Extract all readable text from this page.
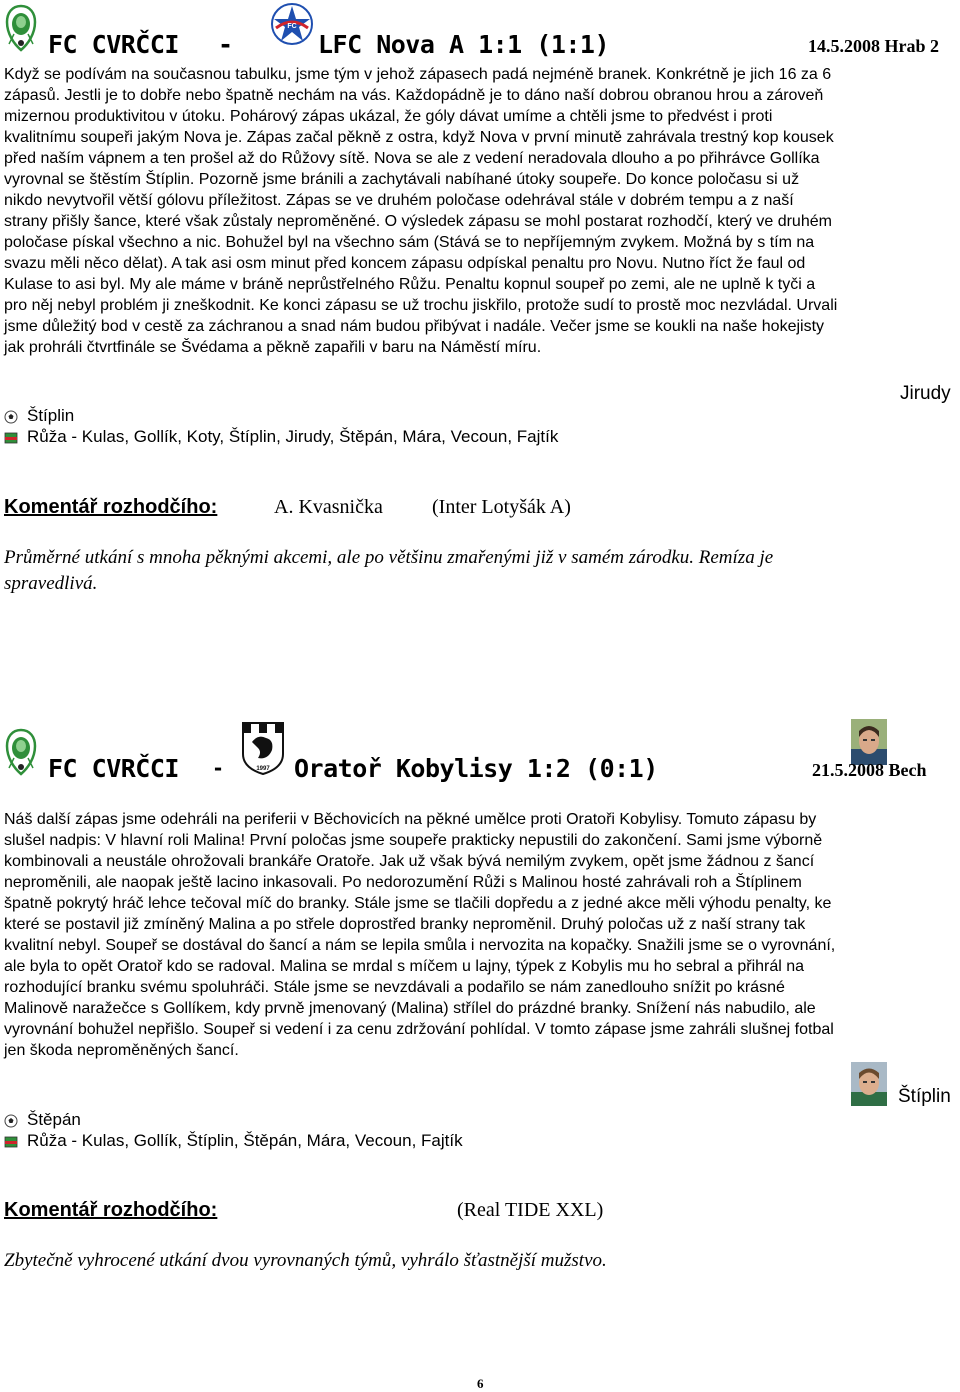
FC CVRČCI -
FC
LFC Nova A 1:1 (1:1)	14.5.2008 Hrab 2
Když se podívám na současnou tabulku, jsme tým v jehož zápasech padá nejméně branek. Konkrétně je jich 16 za 6
zápasů. Jestli je to dobře nebo špatně nechám na vás. Každopádně je to dáno naší dobrou obranou hrou a zároveň
mizernou produktivitou v útoku. Pohárový zápas ukázal, že góly dávat umíme a chtěli jsme to předvést i proti
kvalitnímu soupeři jakým Nova je. Zápas začal pěkně z ostra, když Nova v první minutě zahrávala trestný kop kousek
před naším vápnem a ten prošel až do Růžovy sítě. Nova se ale z vedení neradovala dlouho a po přihrávce Gollíka
vyrovnal se štěstím Štíplin. Pozorně jsme bránili a zachytávali nabíhané útoky soupeře. Do konce poločasu si už
nikdo nevytvořil větší gólovu příležitost. Zápas se ve druhém poločase odehrával stále v dobrém tempu a z naší
strany přišly šance, které však zůstaly neproměněné. O výsledek zápasu se mohl postarat rozhodčí, který ve druhém
poločase pískal všechno a nic. Bohužel byl na všechno sám (Stává se to nepříjemným zvykem. Možná by s tím na
svazu měli něco dělat). A tak asi osm minut před koncem zápasu odpískal penaltu pro Novu. Nutno říct že faul od
Kulase to asi byl. My ale máme v bráně neprůstřelného Růžu. Penaltu kopnul soupeř po zemi, ale ne uplně k tyči a
pro něj nebyl problém ji zneškodnit. Ke konci zápasu se už trochu jiskřilo, protože sudí to prostě moc nezvládal. Urvali
jsme důležitý bod v cestě za záchranou a snad nám budou přibývat i nadále. Večer jsme se koukli na naše hokejisty
jak prohráli čtvrtfinále se Švédama a pěkně zapařili v baru na Náměstí míru.
Jirudy
Štíplin
Růža - Kulas, Gollík, Koty, Štíplin, Jirudy, Štěpán, Mára, Vecoun, Fajtík
Komentář rozhodčího:	A. Kvasnička (Inter Lotyšák A)
Průměrné utkání s mnoha pěknými akcemi, ale po většinu zmařenými již v samém zárodku. Remíza je
spravedlivá.
FC CVRČCI -	1997 Oratoř Kobylisy 1:2 (0:1)	21.5.2008 Bech
Náš další zápas jsme odehráli na periferii v Běchovicích na pěkné umělce proti Oratoři Kobylisy. Tomuto zápasu by
slušel nadpis: V hlavní roli Malina! První poločas jsme soupeře prakticky nepustili do zakončení. Sami jsme výborně
kombinovali a neustále ohrožovali brankáře Oratoře. Jak už však bývá nemilým zvykem, opět jsme žádnou z šancí
neproměnili, ale naopak ještě lacino inkasovali. Po nedorozumění Růži s Malinou hosté zahrávali roh a Štíplinem
špatně pokrytý hráč lehce tečoval míč do branky. Stále jsme se tlačili dopředu a z jedné akce měli výhodu penalty, ke
které se postavil již zmíněný Malina a po střele doprostřed branky neproměnil. Druhý poločas už z naší strany tak
kvalitní nebyl. Soupeř se dostával do šancí a nám se lepila smůla i nervozita na kopačky. Snažili jsme se o vyrovnání,
ale byla to opět Oratoř kdo se radoval. Malina se mrdal s míčem u lajny, týpek z Kobylis mu ho sebral a přihrál na
rozhodující branku svému spoluhráči. Stále jsme se nevzdávali a podařilo se nám zanedlouho snížit po krásné
Malinově naražečce s Gollíkem, kdy prvně jmenovaný (Malina) střílel do prázdné branky. Snížení nás nabudilo, ale
vyrovnání bohužel nepřišlo. Soupeř si vedení i za cenu zdržování pohlídal. V tomto zápase jsme zahráli slušnej fotbal
jen škoda neproměněných šancí.
Štíplin
Štěpán
Růža - Kulas, Gollík, Štíplin, Štěpán, Mára, Vecoun, Fajtík
Komentář rozhodčího:	(Real TIDE XXL)
Zbytečně vyhrocené utkání dvou vyrovnaných týmů, vyhrálo šťastnější mužstvo.
6
